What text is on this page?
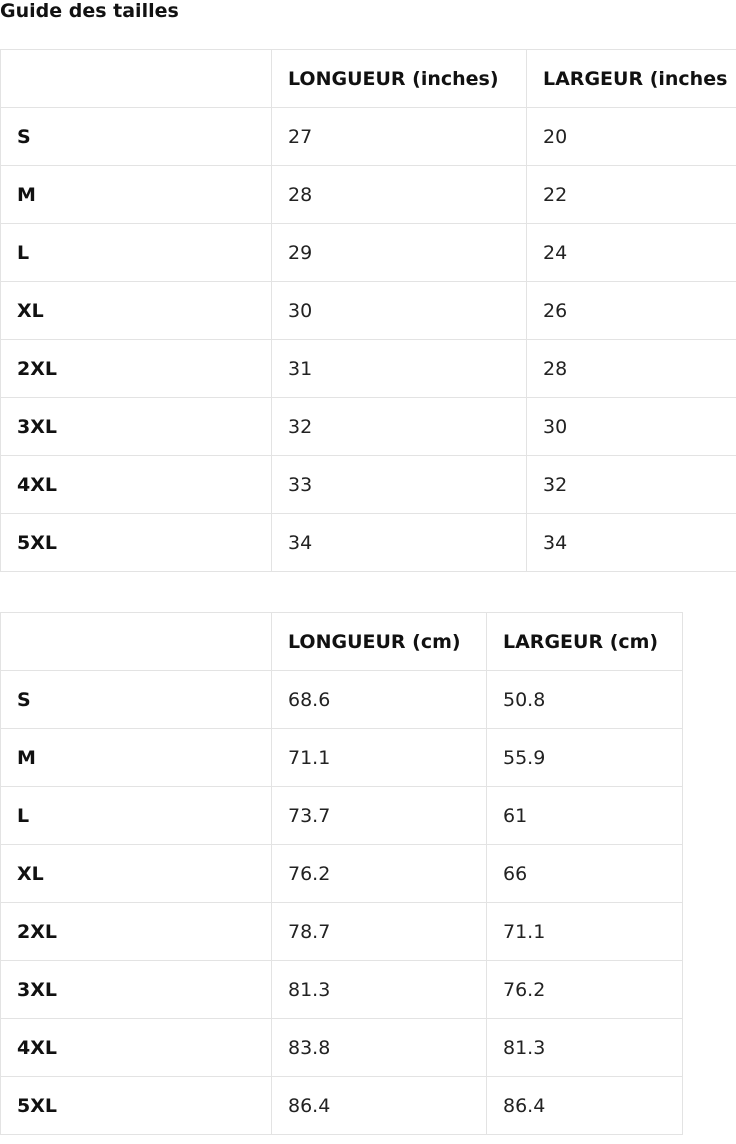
Guide des tailles
	LONGUEUR (inches)	LARGEUR (inches
S	27	20
M	28	22
L	29	24
XL	30	26
2XL	31	28
3XL	32	30
4XL	33	32
5XL	34	34
	LONGUEUR (cm)	LARGEUR (cm)
S	68.6	50.8
M	71.1	55.9
L	73.7	61
XL	76.2	66
2XL	78.7	71.1
3XL	81.3	76.2
4XL	83.8	81.3
5XL	86.4	86.4
